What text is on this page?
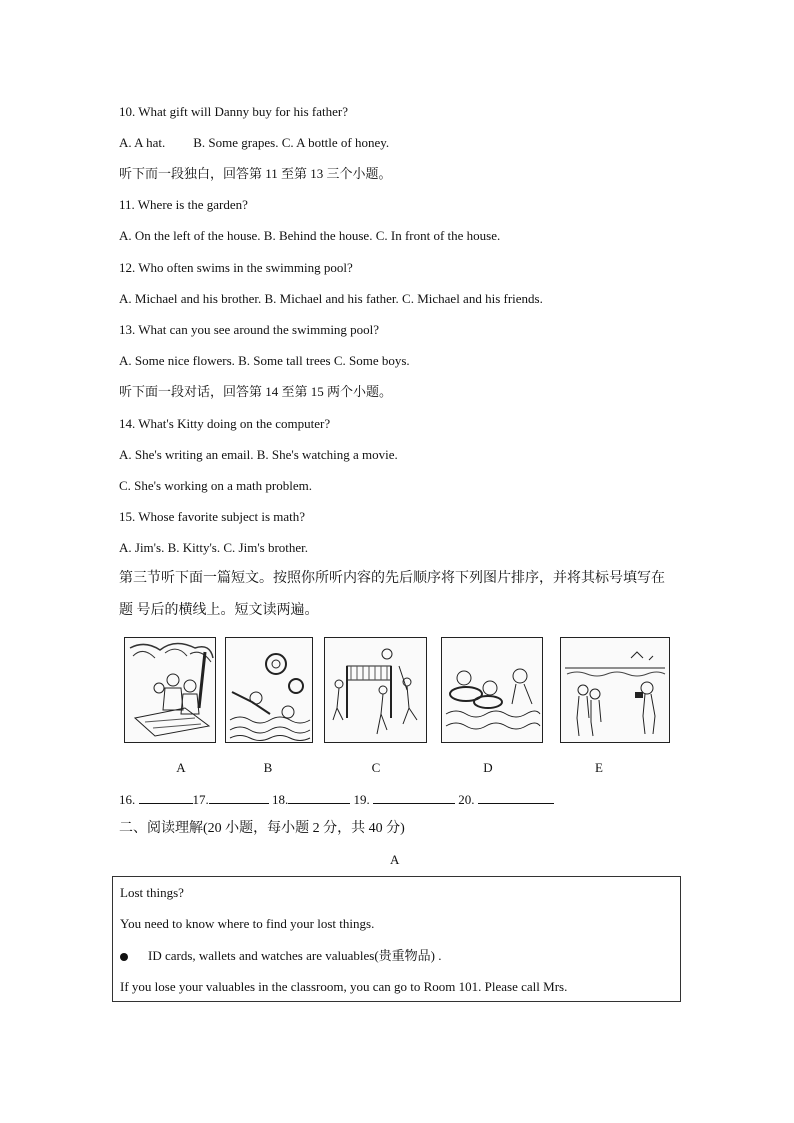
10. What gift will Danny buy for his father?
A. A hat. B. Some grapes. C. A bottle of honey.
听下而一段独白，回答第 11 至第 13 三个小题。
11. Where is the garden?
A. On the left of the house. B. Behind the house. C. In front of the house.
12. Who often swims in the swimming pool?
A. Michael and his brother. B. Michael and his father. C. Michael and his friends.
13. What can you see around the swimming pool?
A. Some nice flowers. B. Some tall trees C. Some boys.
听下面一段对话，回答第 14 至第 15 两个小题。
14. What's Kitty doing on the computer?
A. She's writing an email. B. She's watching a movie.
C. She's working on a math problem.
15. Whose favorite subject is math?
A. Jim's. B. Kitty's. C. Jim's brother.
第三节听下面一篇短文。按照你所听内容的先后顺序将下列图片排序，并将其标号填写在
题 号后的横线上。短文读两遍。
A	B	C	D	E
16.	17.	18.	19.	20.
二、阅读理解(20 小题，每小题 2 分，共 40 分)
A
Lost things?
You need to know where to find your lost things.
ID cards, wallets and watches are valuables(贵重物品) .
If you lose your valuables in the classroom, you can go to Room 101. Please call Mrs.
